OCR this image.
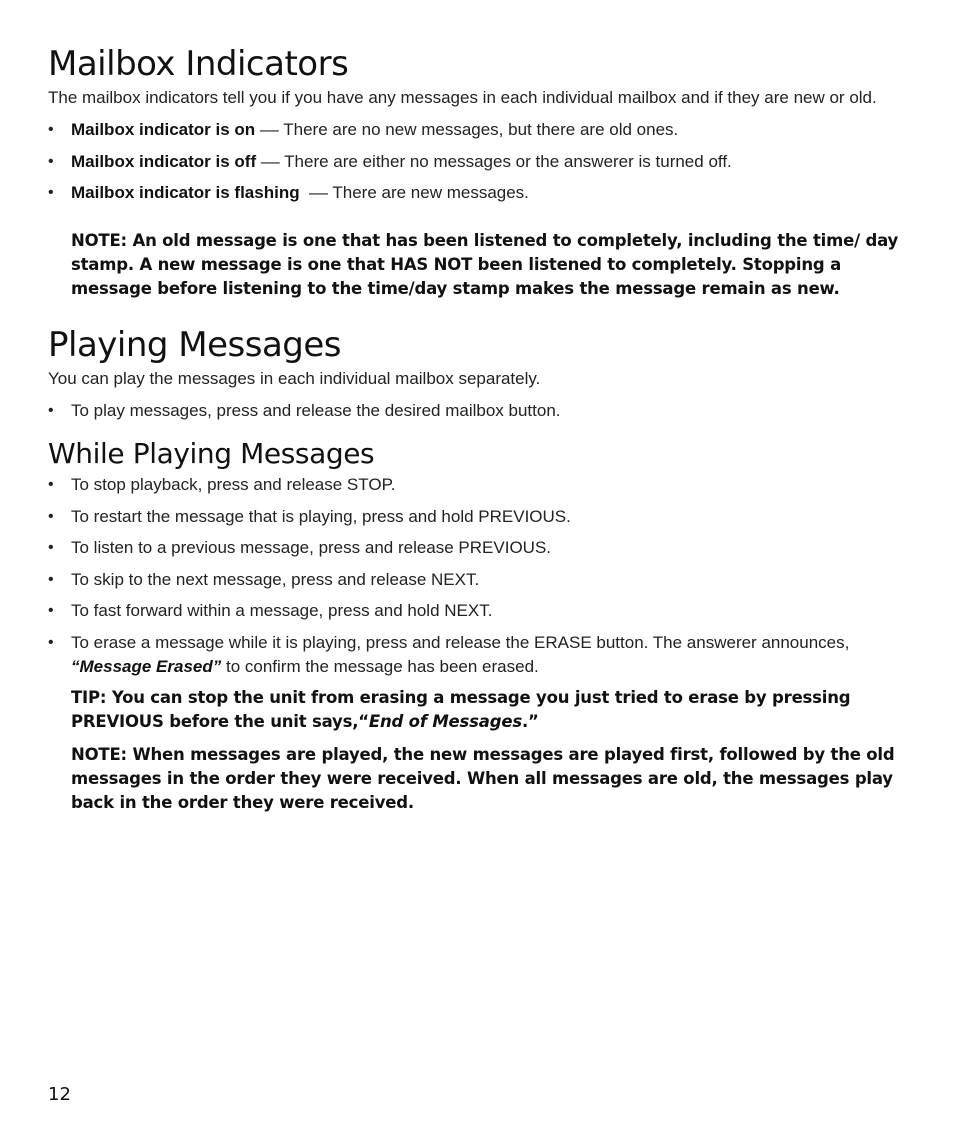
Mailbox Indicators

The mailbox indicators tell you if you have any messages in each individual mailbox and if they are new or old.

• Mailbox indicator is on –– There are no new messages, but there are old ones.
• Mailbox indicator is off –– There are either no messages or the answerer is turned off.
• Mailbox indicator is flashing  –– There are new messages.
NOTE: An old message is one that has been listened to completely, including the time/ day stamp. A new message is one that HAS NOT been listened to completely. Stopping a message before listening to the time/day stamp makes the message remain as new.
Playing Messages

You can play the messages in each individual mailbox separately.

• To play messages, press and release the desired mailbox button.
While Playing Messages
• To stop playback, press and release STOP.
• To restart the message that is playing, press and hold PREVIOUS.
• To listen to a previous message, press and release PREVIOUS.
• To skip to the next message, press and release NEXT.
• To fast forward within a message, press and hold NEXT.
• To erase a message while it is playing, press and release the ERASE button. The answerer announces, “Message Erased” to confirm the message has been erased.
TIP: You can stop the unit from erasing a message you just tried to erase by pressing PREVIOUS before the unit says,“End of Messages.”
NOTE: When messages are played, the new messages are played first, followed by the old messages in the order they were received. When all messages are old, the messages play back in the order they were received.
12
